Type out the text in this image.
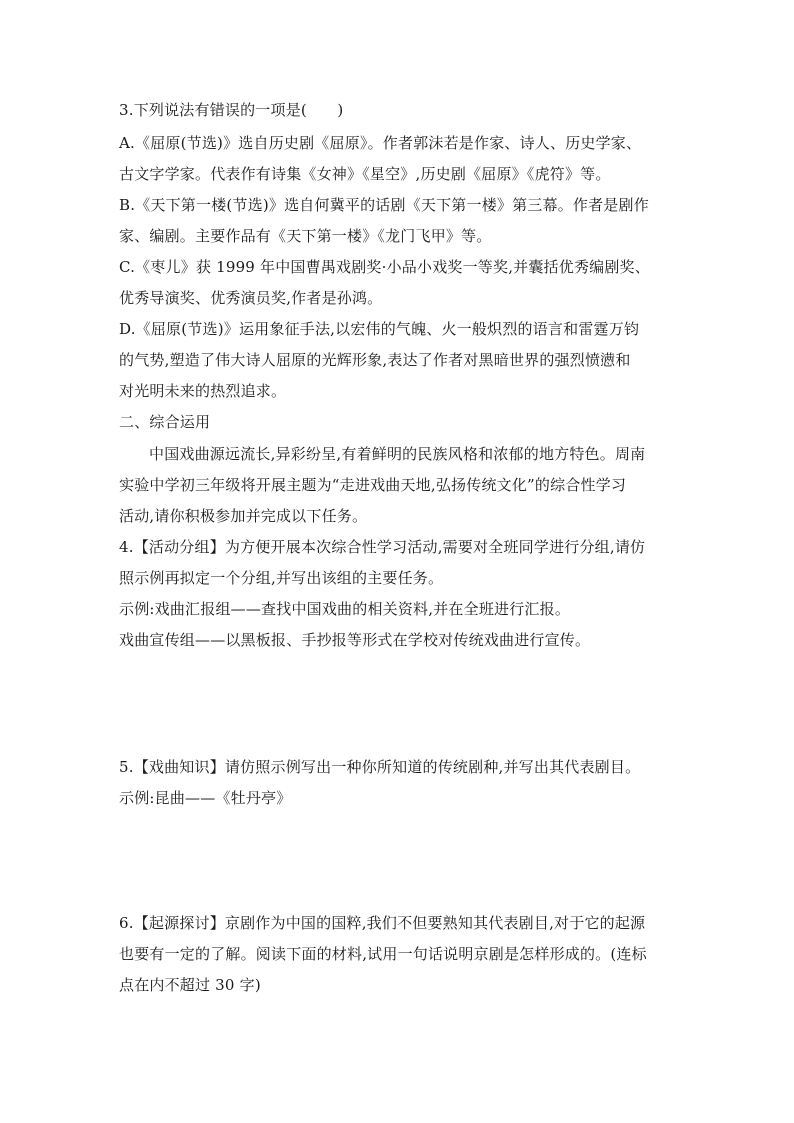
3.下列说法有错误的一项是(　　)
A.《屈原(节选)》选自历史剧《屈原》。作者郭沫若是作家、诗人、历史学家、
古文字学家。代表作有诗集《女神》《星空》,历史剧《屈原》《虎符》等。
B.《天下第一楼(节选)》选自何冀平的话剧《天下第一楼》第三幕。作者是剧作
家、编剧。主要作品有《天下第一楼》《龙门飞甲》等。
C.《枣儿》获 1999 年中国曹禺戏剧奖·小品小戏奖一等奖,并囊括优秀编剧奖、
优秀导演奖、优秀演员奖,作者是孙鸿。
D.《屈原(节选)》运用象征手法,以宏伟的气魄、火一般炽烈的语言和雷霆万钧
的气势,塑造了伟大诗人屈原的光辉形象,表达了作者对黑暗世界的强烈愤懑和
对光明未来的热烈追求。
二、综合运用
中国戏曲源远流长,异彩纷呈,有着鲜明的民族风格和浓郁的地方特色。周南
实验中学初三年级将开展主题为“走进戏曲天地,弘扬传统文化”的综合性学习
活动,请你积极参加并完成以下任务。
4.【活动分组】为方便开展本次综合性学习活动,需要对全班同学进行分组,请仿
照示例再拟定一个分组,并写出该组的主要任务。
示例:戏曲汇报组——查找中国戏曲的相关资料,并在全班进行汇报。
戏曲宣传组——以黑板报、手抄报等形式在学校对传统戏曲进行宣传。
5.【戏曲知识】请仿照示例写出一种你所知道的传统剧种,并写出其代表剧目。
示例:昆曲——《牡丹亭》
6.【起源探讨】京剧作为中国的国粹,我们不但要熟知其代表剧目,对于它的起源
也要有一定的了解。阅读下面的材料,试用一句话说明京剧是怎样形成的。(连标
点在内不超过 30 字)
